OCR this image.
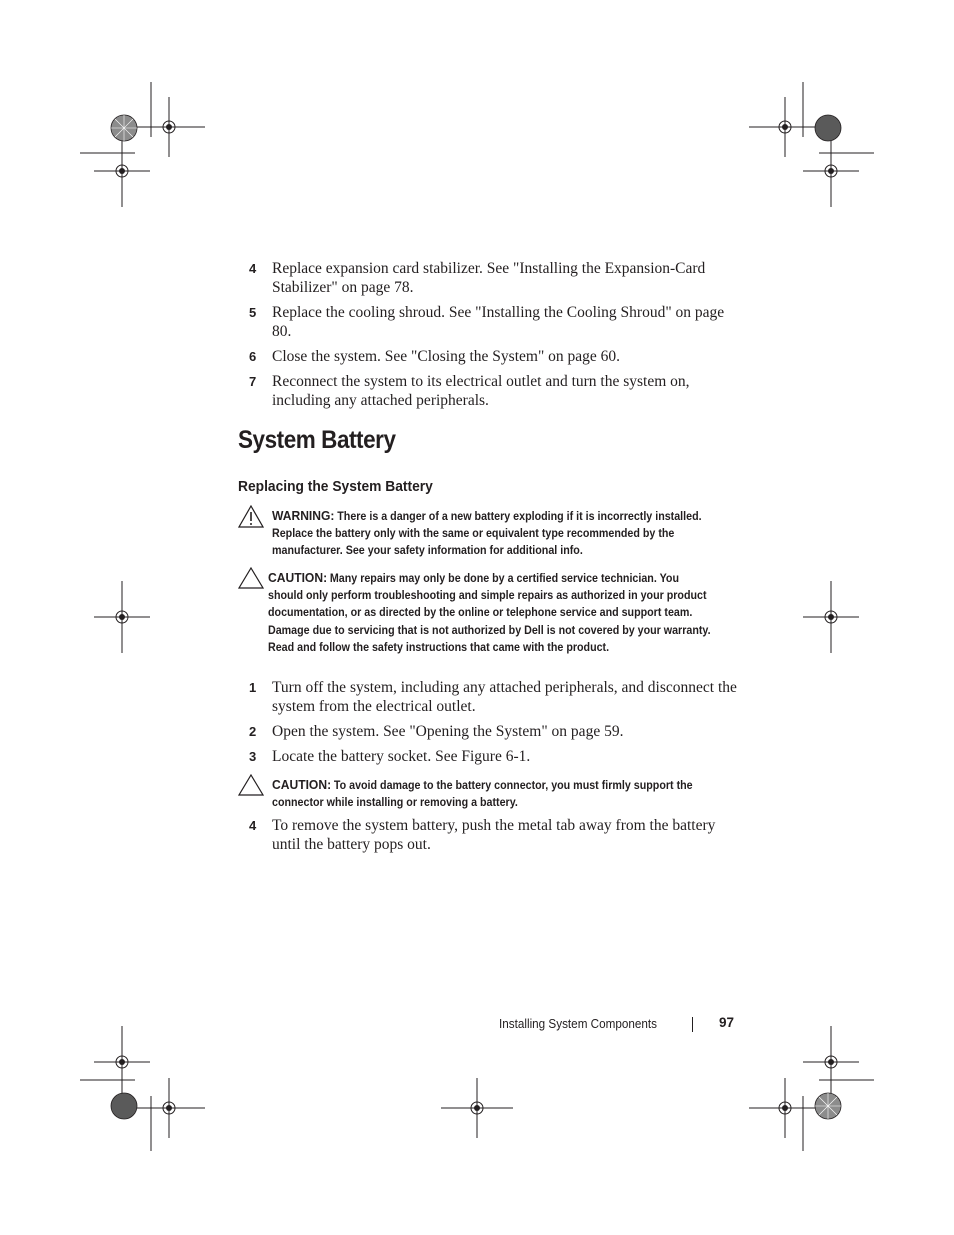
4 Replace expansion card stabilizer. See "Installing the Expansion-Card Stabilizer" on page 78.
5 Replace the cooling shroud. See "Installing the Cooling Shroud" on page 80.
6 Close the system. See "Closing the System" on page 60.
7 Reconnect the system to its electrical outlet and turn the system on, including any attached peripherals.
System Battery
Replacing the System Battery
WARNING: There is a danger of a new battery exploding if it is incorrectly installed. Replace the battery only with the same or equivalent type recommended by the manufacturer. See your safety information for additional info.
CAUTION: Many repairs may only be done by a certified service technician. You should only perform troubleshooting and simple repairs as authorized in your product documentation, or as directed by the online or telephone service and support team. Damage due to servicing that is not authorized by Dell is not covered by your warranty. Read and follow the safety instructions that came with the product.
1 Turn off the system, including any attached peripherals, and disconnect the system from the electrical outlet.
2 Open the system. See "Opening the System" on page 59.
3 Locate the battery socket. See Figure 6-1.
CAUTION: To avoid damage to the battery connector, you must firmly support the connector while installing or removing a battery.
4 To remove the system battery, push the metal tab away from the battery until the battery pops out.
Installing System Components	97
